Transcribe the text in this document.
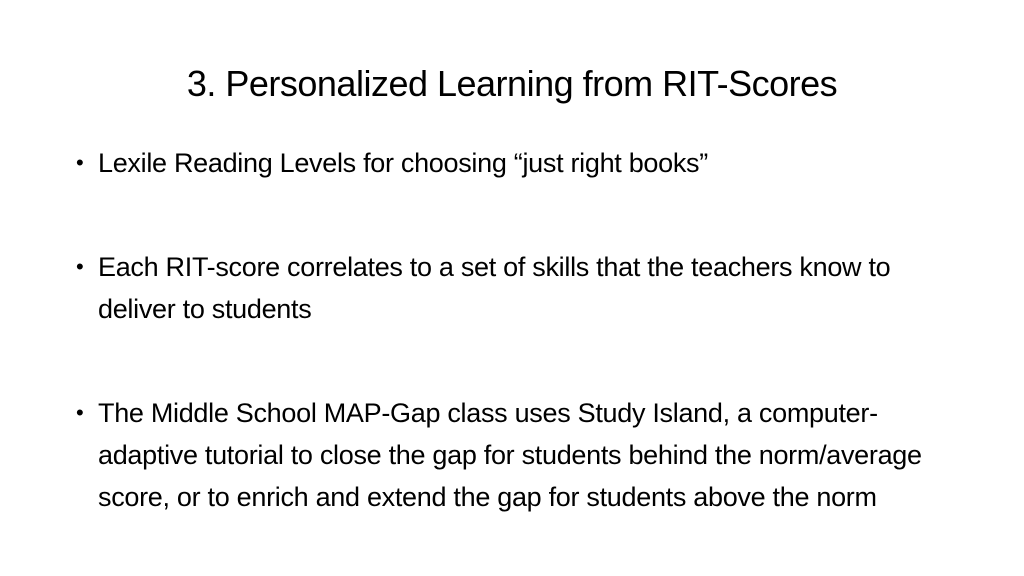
3. Personalized Learning from RIT-Scores
• Lexile Reading Levels for choosing “just right books”
• Each RIT-score correlates to a set of skills that the teachers know to deliver to students
• The Middle School MAP-Gap class uses Study Island, a computer-adaptive tutorial to close the gap for students behind the norm/average score, or to enrich and extend the gap for students above the norm
